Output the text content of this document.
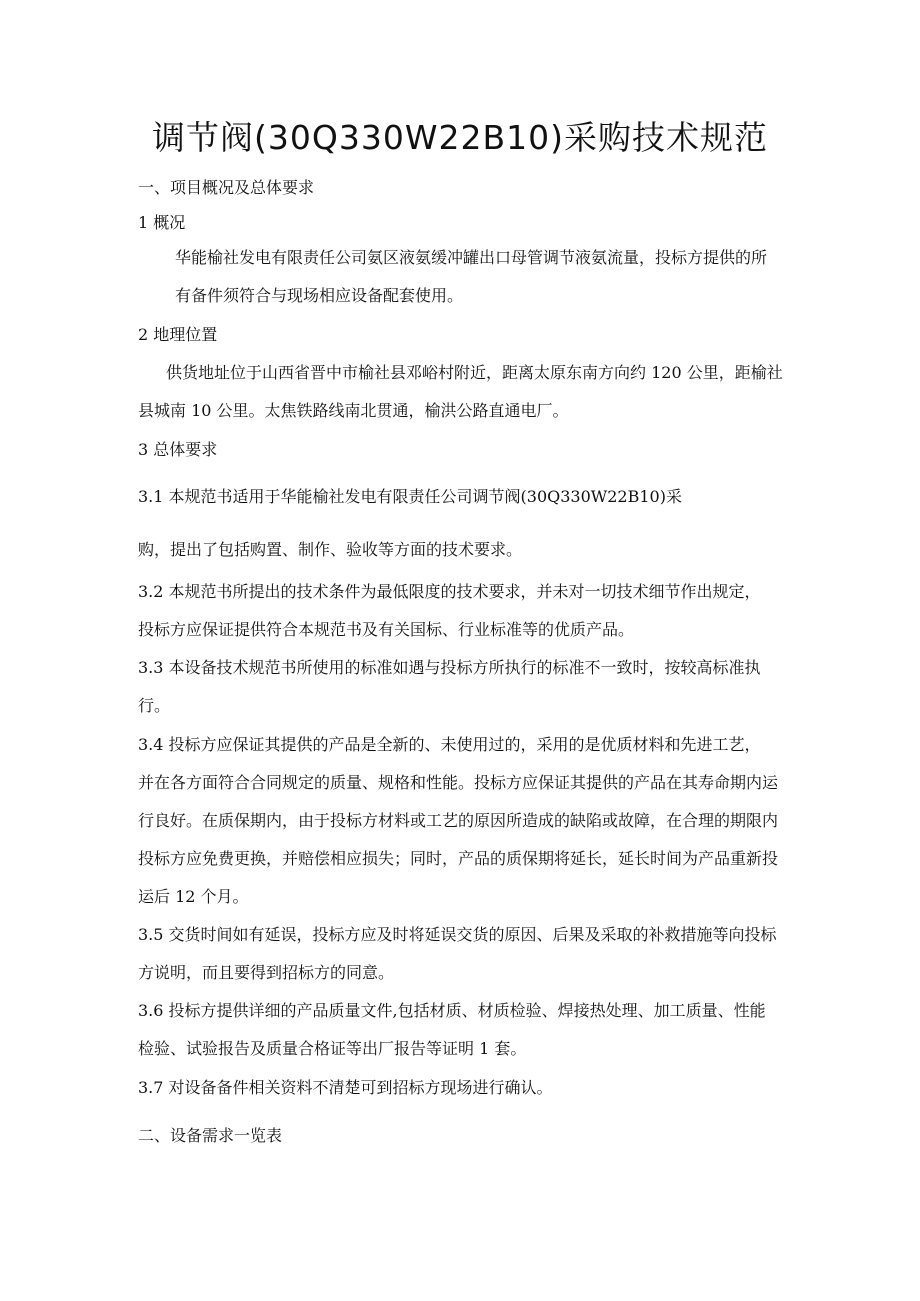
调节阀(30Q330W22B10)采购技术规范
一、项目概况及总体要求
1 概况
华能榆社发电有限责任公司氨区液氨缓冲罐出口母管调节液氨流量，投标方提供的所
有备件须符合与现场相应设备配套使用。
2 地理位置
供货地址位于山西省晋中市榆社县邓峪村附近，距离太原东南方向约 120 公里，距榆社
县城南 10 公里。太焦铁路线南北贯通，榆洪公路直通电厂。
3 总体要求
3.1 本规范书适用于华能榆社发电有限责任公司调节阀(30Q330W22B10)采
购，提出了包括购置、制作、验收等方面的技术要求。
3.2 本规范书所提出的技术条件为最低限度的技术要求，并未对一切技术细节作出规定，
投标方应保证提供符合本规范书及有关国标、行业标准等的优质产品。
3.3 本设备技术规范书所使用的标准如遇与投标方所执行的标准不一致时，按较高标准执
行。
3.4 投标方应保证其提供的产品是全新的、未使用过的，采用的是优质材料和先进工艺，
并在各方面符合合同规定的质量、规格和性能。投标方应保证其提供的产品在其寿命期内运
行良好。在质保期内，由于投标方材料或工艺的原因所造成的缺陷或故障，在合理的期限内
投标方应免费更换，并赔偿相应损失；同时，产品的质保期将延长，延长时间为产品重新投
运后 12 个月。
3.5 交货时间如有延误，投标方应及时将延误交货的原因、后果及采取的补救措施等向投标
方说明，而且要得到招标方的同意。
3.6 投标方提供详细的产品质量文件,包括材质、材质检验、焊接热处理、加工质量、性能
检验、试验报告及质量合格证等出厂报告等证明 1 套。
3.7 对设备备件相关资料不清楚可到招标方现场进行确认。
二、设备需求一览表
